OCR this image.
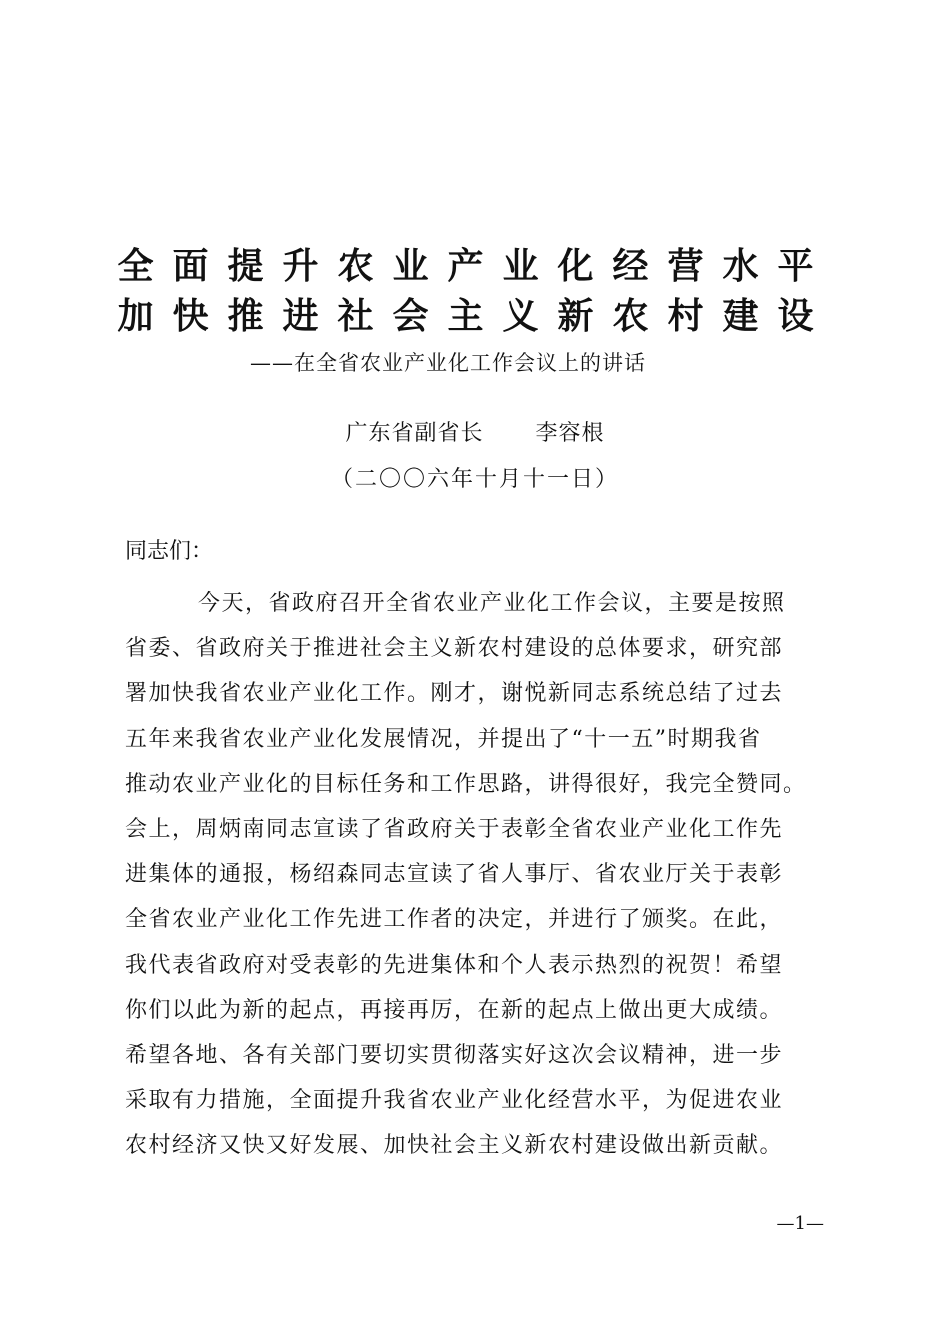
全面提升农业产业化经营水平
加快推进社会主义新农村建设
——在全省农业产业化工作会议上的讲话
广东省副省长 李容根
（二〇〇六年十月十一日）
同志们：
今天，省政府召开全省农业产业化工作会议，主要是按照
省委、省政府关于推进社会主义新农村建设的总体要求，研究部
署加快我省农业产业化工作。刚才，谢悦新同志系统总结了过去
五年来我省农业产业化发展情况，并提出了“十一五”时期我省
推动农业产业化的目标任务和工作思路，讲得很好，我完全赞同。
会上，周炳南同志宣读了省政府关于表彰全省农业产业化工作先
进集体的通报，杨绍森同志宣读了省人事厅、省农业厅关于表彰
全省农业产业化工作先进工作者的决定，并进行了颁奖。在此，
我代表省政府对受表彰的先进集体和个人表示热烈的祝贺！希望
你们以此为新的起点，再接再厉，在新的起点上做出更大成绩。
希望各地、各有关部门要切实贯彻落实好这次会议精神，进一步
采取有力措施，全面提升我省农业产业化经营水平，为促进农业
农村经济又快又好发展、加快社会主义新农村建设做出新贡献。
—1—
